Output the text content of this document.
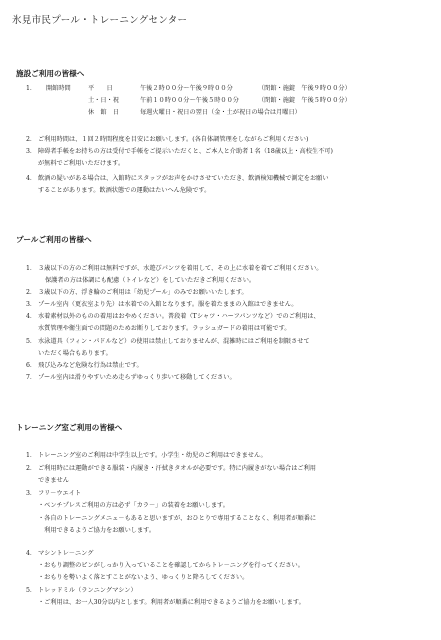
氷見市民プール・トレーニングセンター
施設ご利用の皆様へ
1． 開館時間	平　　日	午後２時００分～午後９時００分	（閉館・施錠　午後９時００分）
土・日・祝	午前１０時００分～午後５時００分	（閉館・施錠　午後５時００分）
休　館　日	毎週火曜日・祝日の翌日（金・土が祝日の場合は月曜日）
2． ご利用時間は、１回２時間程度を目安にお願いします。(各自体調管理をしながらご利用ください)
3． 障碍者手帳をお持ちの方は受付で手帳をご提示いただくと、ご本人と介助者１名（18歳以上・高校生不可)
が無料でご利用いただけます。
4． 飲酒の疑いがある場合は、入館時にスタッフがお声をかけさせていただき、飲酒検知機械で測定をお願い
することがあります。飲酒状態での運動はたいへん危険です。
プールご利用の皆様へ
1． ３歳以下の方のご利用は無料ですが、水遊びパンツを着用して、その上に水着を着てご利用ください。
保護者の方は体調にも配慮（トイレなど）をしていただきご利用ください。
2． ３歳以下の方、浮き輪のご利用は「幼児プール」のみでお願いいたします。
3． プール室内（更衣室より先）は水着での入館となります。服を着たままの入館はできません。
4． 水着素材以外のものの着用はおやめください。普段着（Tシャツ・ハーフパンツなど）でのご利用は、
水質管理や衛生面での問題のためお断りしております。ラッシュガードの着用は可能です。
5． 水泳道具（フィン・パドルなど）の使用は禁止しておりませんが、混雑時にはご利用を制限させて
いただく場合もあります。
6． 飛び込みなど危険な行為は禁止です。
7． プール室内は滑りやすいため走らずゆっくり歩いて移動してください。
トレーニング室ご利用の皆様へ
1． トレーニング室のご利用は中学生以上です。小学生・幼児のご利用はできません。
2． ご利用時には運動ができる服装・内履き・汗拭きタオルが必要です。特に内履きがない場合はご利用
できません
3． フリ－ウエイト
・ベンチプレスご利用の方は必ず「カラ－」の装着をお願いします。
・各自のトレーニングメニュ－もあると思いますが、おひとりで専用することなく、利用者が順番に
　利用できるようご協力をお願いします。
4． マシントレ－ニング
・おもり調整のピンがしっかり入っていることを確認してからトレ－ニングを行ってください。
・おもりを勢いよく落とすことがないよう、ゆっくりと降ろしてください。
5． トレッドミル（ランニングマシン）
・ご利用は、お一人30分以内とします。利用者が順番に利用できるようご協力をお願いします。
